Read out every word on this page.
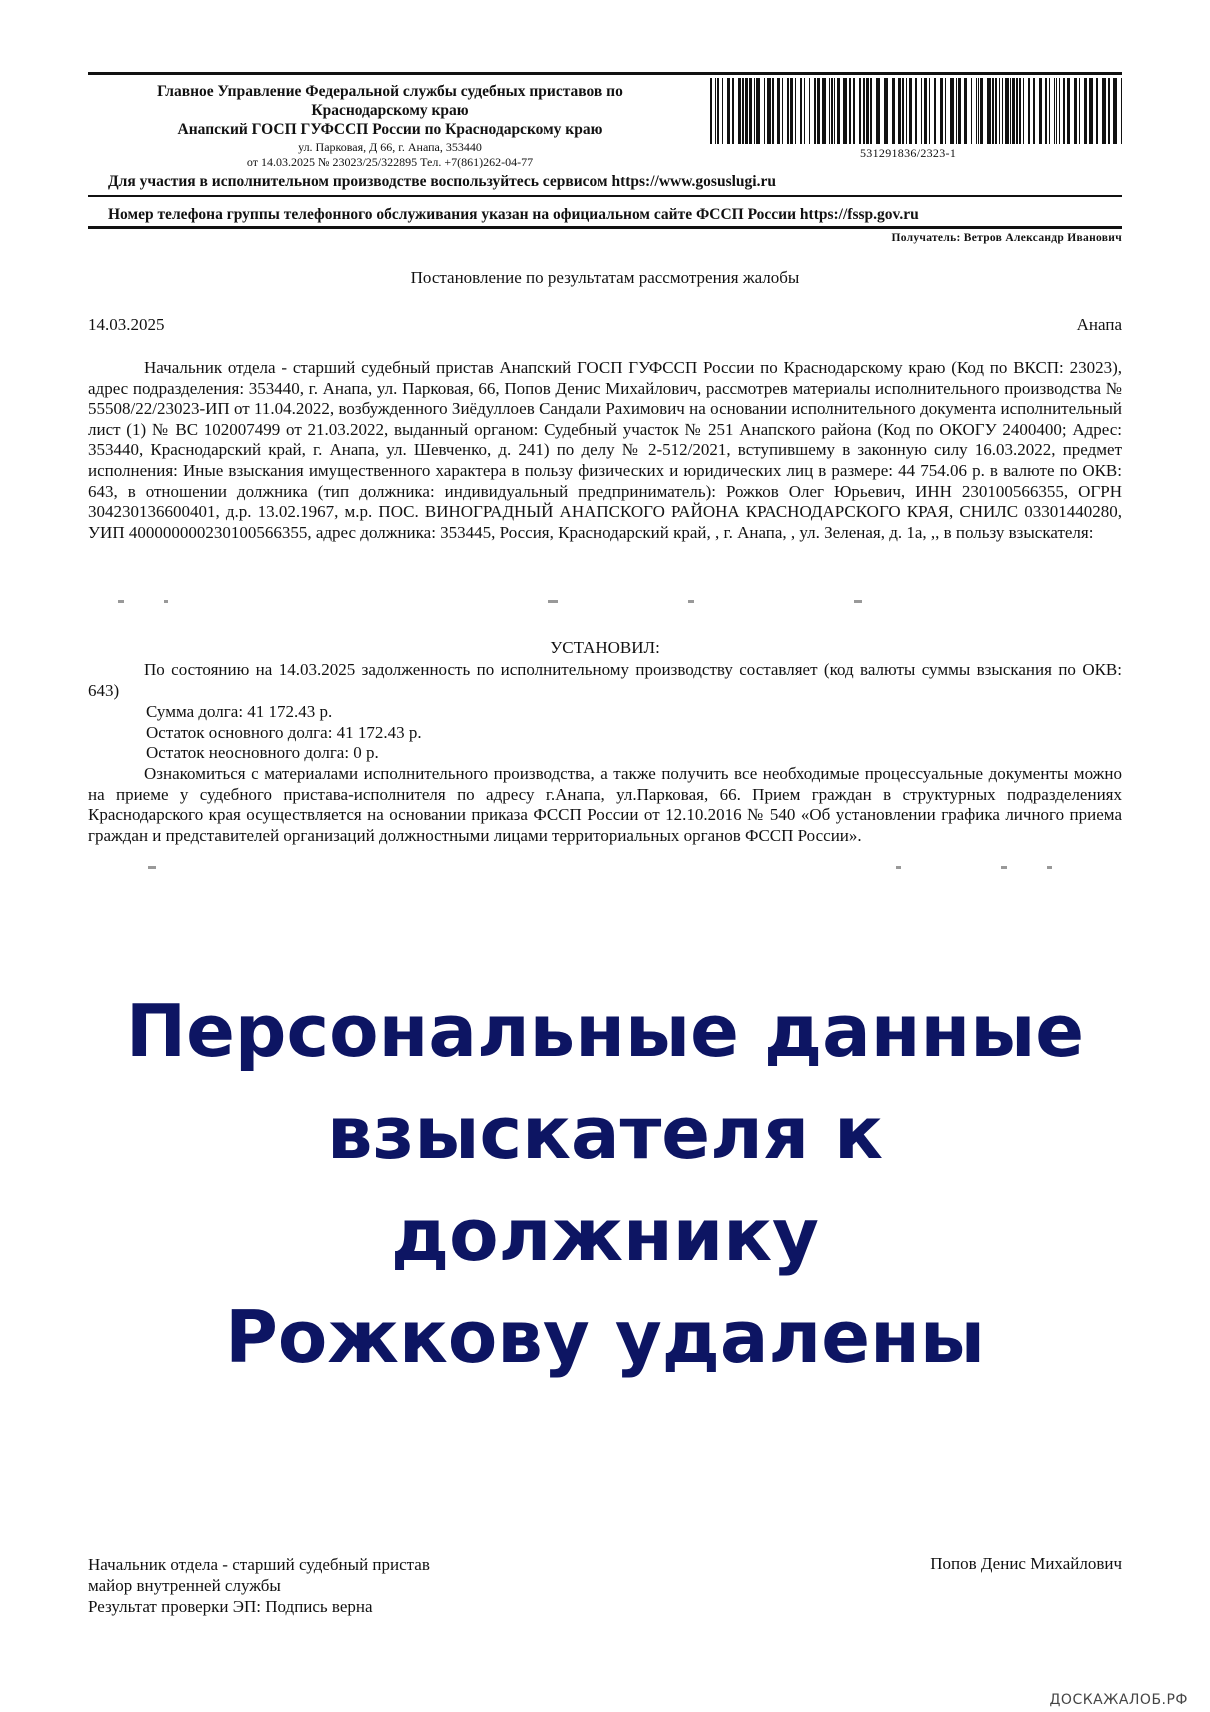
Главное Управление Федеральной службы судебных приставов по
Краснодарскому краю
Анапский ГОСП ГУФССП России по Краснодарскому краю
ул. Парковая, Д 66, г. Анапа, 353440
от 14.03.2025 № 23023/25/322895 Тел. +7(861)262-04-77
531291836/2323-1
Для участия в исполнительном производстве воспользуйтесь сервисом https://www.gosuslugi.ru
Номер телефона группы телефонного обслуживания указан на официальном сайте ФССП России https://fssp.gov.ru
Получатель: Ветров Александр Иванович
Постановление по результатам рассмотрения жалобы
14.03.2025	Анапа

Начальник отдела - старший судебный пристав Анапский ГОСП ГУФССП России по Краснодарскому краю (Код по ВКСП: 23023), адрес подразделения: 353440, г. Анапа, ул. Парковая, 66, Попов Денис Михайлович, рассмотрев материалы исполнительного производства № 55508/22/23023-ИП от 11.04.2022, возбужденного Зиёдуллоев Сандали Рахимович на основании исполнительного документа исполнительный лист (1) № ВС 102007499 от 21.03.2022, выданный органом: Судебный участок № 251 Анапского района (Код по ОКОГУ 2400400; Адрес: 353440, Краснодарский край, г. Анапа, ул. Шевченко, д. 241) по делу № 2-512/2021, вступившему в законную силу 16.03.2022, предмет исполнения: Иные взыскания имущественного характера в пользу физических и юридических лиц в размере: 44 754.06 р. в валюте по ОКВ: 643, в отношении должника (тип должника: индивидуальный предприниматель): Рожков Олег Юрьевич, ИНН 230100566355, ОГРН 304230136600401, д.р. 13.02.1967, м.р. ПОС. ВИНОГРАДНЫЙ АНАПСКОГО РАЙОНА КРАСНОДАРСКОГО КРАЯ, СНИЛС 03301440280, УИП 400000000230100566355, адрес должника: 353445, Россия, Краснодарский край, , г. Анапа, , ул. Зеленая, д. 1а, ,, в пользу взыскателя:

УСТАНОВИЛ:

По состоянию на 14.03.2025 задолженность по исполнительному производству составляет (код валюты суммы взыскания по ОКВ: 643)

Сумма долга: 41 172.43 р.
Остаток основного долга: 41 172.43 р.
Остаток неосновного долга: 0 р.

Ознакомиться с материалами исполнительного производства, а также получить все необходимые процессуальные документы можно на приеме у судебного пристава-исполнителя по адресу г.Анапа, ул.Парковая, 66. Прием граждан в структурных подразделениях Краснодарского края осуществляется на основании приказа ФССП России от 12.10.2016 № 540 «Об установлении графика личного приема граждан и представителей организаций должностными лицами территориальных органов ФССП России».

Персональные данные
взыскателя к
должнику
Рожкову удалены
Начальник отдела - старший судебный пристав
майор внутренней службы
Результат проверки ЭП: Подпись верна
Попов Денис Михайлович
ДОСКАЖАЛОБ.РФ
